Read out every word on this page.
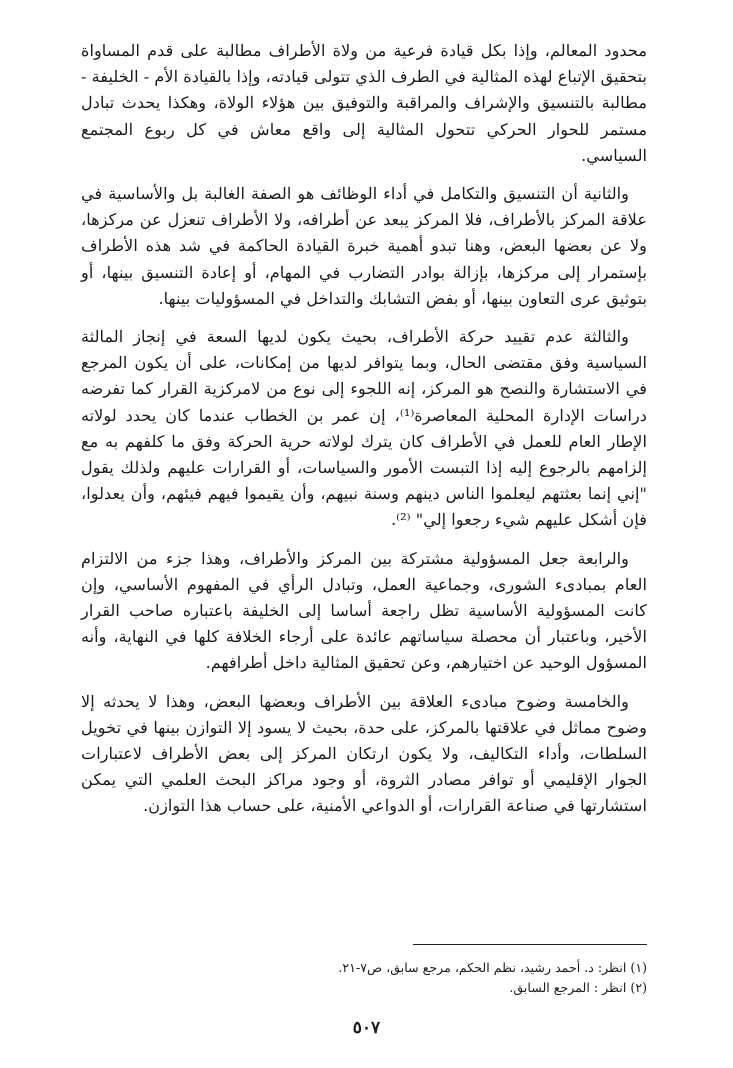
محدود المعالم، وإذا بكل قيادة فرعية من ولاة الأطراف مطالبة على قدم المساواة بتحقيق الإتباع لهذه المثالية في الطرف الذي تتولى قيادته، وإذا بالقيادة الأم - الخليفة - مطالبة بالتنسيق والإشراف والمراقبة والتوفيق بين هؤلاء الولاة، وهكذا يحدث تبادل مستمر للحوار الحركي تتحول المثالية إلى واقع معاش في كل ربوع المجتمع السياسي.

والثانية أن التنسيق والتكامل في أداء الوظائف هو الصفة الغالبة بل والأساسية في علاقة المركز بالأطراف، فلا المركز يبعد عن أطرافه، ولا الأطراف تنعزل عن مركزها، ولا عن بعضها البعض، وهنا تبدو أهمية خبرة القيادة الحاكمة في شد هذه الأطراف بإستمرار إلى مركزها، بإزالة بوادر التضارب في المهام، أو إعادة التنسيق بينها، أو بتوثيق عرى التعاون بينها، أو بفض التشابك والتداخل في المسؤوليات بينها.

والثالثة عدم تقييد حركة الأطراف، بحيث يكون لديها السعة في إنجاز المالثة السياسية وفق مقتضى الحال، وبما يتوافر لديها من إمكانات، على أن يكون المرجع في الاستشارة والنصح هو المركز، إنه اللجوء إلى نوع من لامركزية القرار كما تفرضه دراسات الإدارة المحلية المعاصرة⁽¹⁾، إن عمر بن الخطاب عندما كان يحدد لولاته الإطار العام للعمل في الأطراف كان يترك لولاته حرية الحركة وفق ما كلفهم به مع إلزامهم بالرجوع إليه إذا التبست الأمور والسياسات، أو القرارات عليهم ولذلك يقول "إني إنما بعثتهم ليعلموا الناس دينهم وسنة نبيهم، وأن يقيموا فيهم فيئهم، وأن يعدلوا، فإن أشكل عليهم شيء رجعوا إلي" ⁽²⁾.

والرابعة جعل المسؤولية مشتركة بين المركز والأطراف، وهذا جزء من الالتزام العام بمبادىء الشورى، وجماعية العمل، وتبادل الرأي في المفهوم الأساسي، وإن كانت المسؤولية الأساسية تظل راجعة أساسا إلى الخليفة باعتباره صاحب القرار الأخير، وباعتبار أن محصلة سياساتهم عائدة على أرجاء الخلافة كلها في النهاية، وأنه المسؤول الوحيد عن اختيارهم، وعن تحقيق المثالية داخل أطرافهم.

والخامسة وضوح مبادىء العلاقة بين الأطراف وبعضها البعض، وهذا لا يحدثه إلا وضوح مماثل في علاقتها بالمركز، على حدة، بحيث لا يسود إلا التوازن بينها في تخويل السلطات، وأداء التكاليف، ولا يكون ارتكان المركز إلى بعض الأطراف لاعتبارات الجوار الإقليمي أو توافر مصادر الثروة، أو وجود مراكز البحث العلمي التي يمكن استشارتها في صناعة القرارات، أو الدواعي الأمنية، على حساب هذا التوازن.

(١) انظر: د. أحمد رشيد، نظم الحكم، مرجع سابق، ص٧-٢١.

(٢) انظر : المرجع السابق.

٥٠٧
